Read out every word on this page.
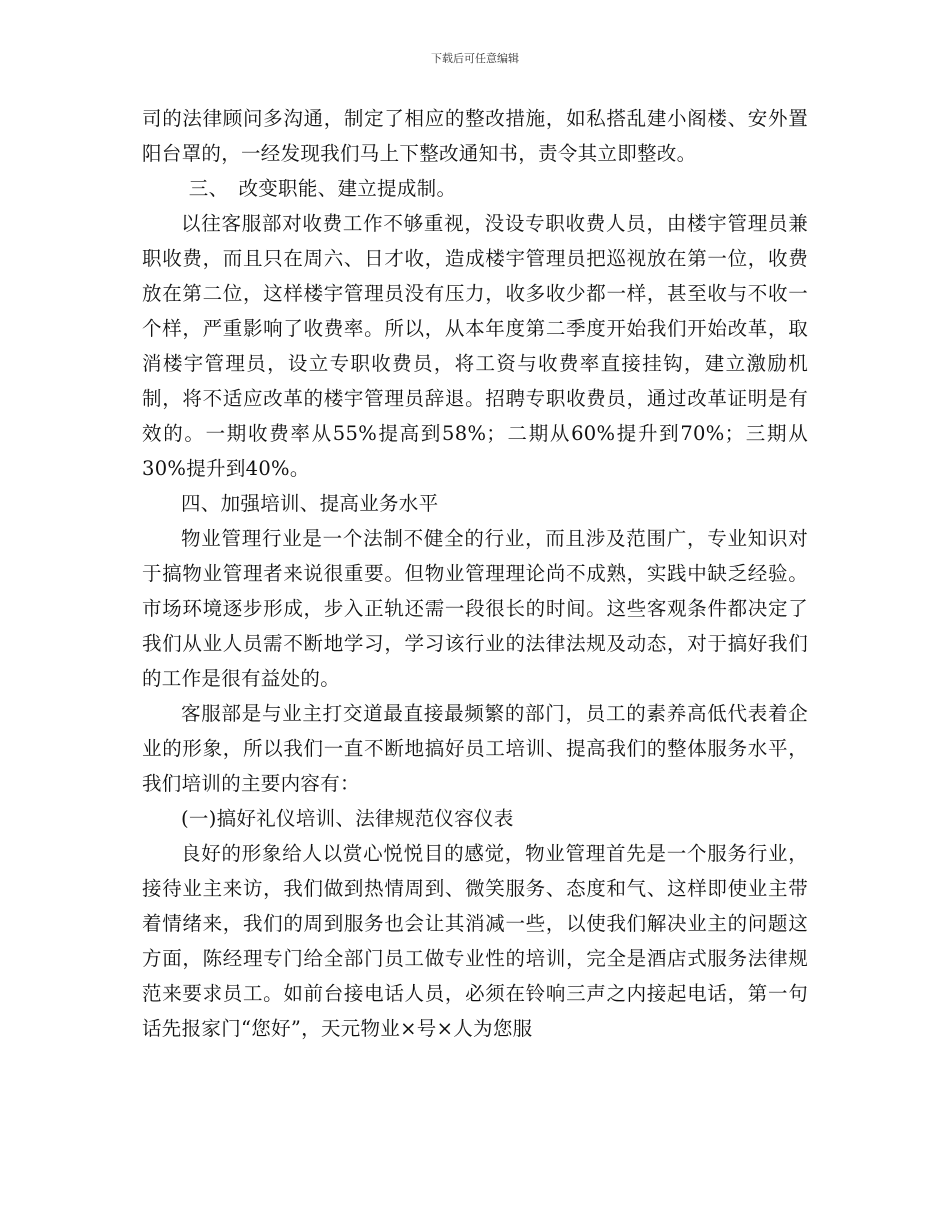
下载后可任意编辑

司的法律顾问多沟通，制定了相应的整改措施，如私搭乱建小阁楼、安外置阳台罩的，一经发现我们马上下整改通知书，责令其立即整改。

三、　改变职能、建立提成制。

以往客服部对收费工作不够重视，没设专职收费人员，由楼宇管理员兼职收费，而且只在周六、日才收，造成楼宇管理员把巡视放在第一位，收费放在第二位，这样楼宇管理员没有压力，收多收少都一样，甚至收与不收一个样，严重影响了收费率。所以，从本年度第二季度开始我们开始改革，取消楼宇管理员，设立专职收费员，将工资与收费率直接挂钩，建立激励机制，将不适应改革的楼宇管理员辞退。招聘专职收费员，通过改革证明是有效的。一期收费率从55%提高到58%；二期从60%提升到70%；三期从30%提升到40%。

四、加强培训、提高业务水平

物业管理行业是一个法制不健全的行业，而且涉及范围广，专业知识对于搞物业管理者来说很重要。但物业管理理论尚不成熟，实践中缺乏经验。市场环境逐步形成，步入正轨还需一段很长的时间。这些客观条件都决定了我们从业人员需不断地学习，学习该行业的法律法规及动态，对于搞好我们的工作是很有益处的。

客服部是与业主打交道最直接最频繁的部门，员工的素养高低代表着企业的形象，所以我们一直不断地搞好员工培训、提高我们的整体服务水平，我们培训的主要内容有：

(一)搞好礼仪培训、法律规范仪容仪表

良好的形象给人以赏心悦悦目的感觉，物业管理首先是一个服务行业，接待业主来访，我们做到热情周到、微笑服务、态度和气、这样即使业主带着情绪来，我们的周到服务也会让其消减一些，以使我们解决业主的问题这方面，陈经理专门给全部门员工做专业性的培训，完全是酒店式服务法律规范来要求员工。如前台接电话人员，必须在铃响三声之内接起电话，第一句话先报家门“您好”，天元物业×号×人为您服
